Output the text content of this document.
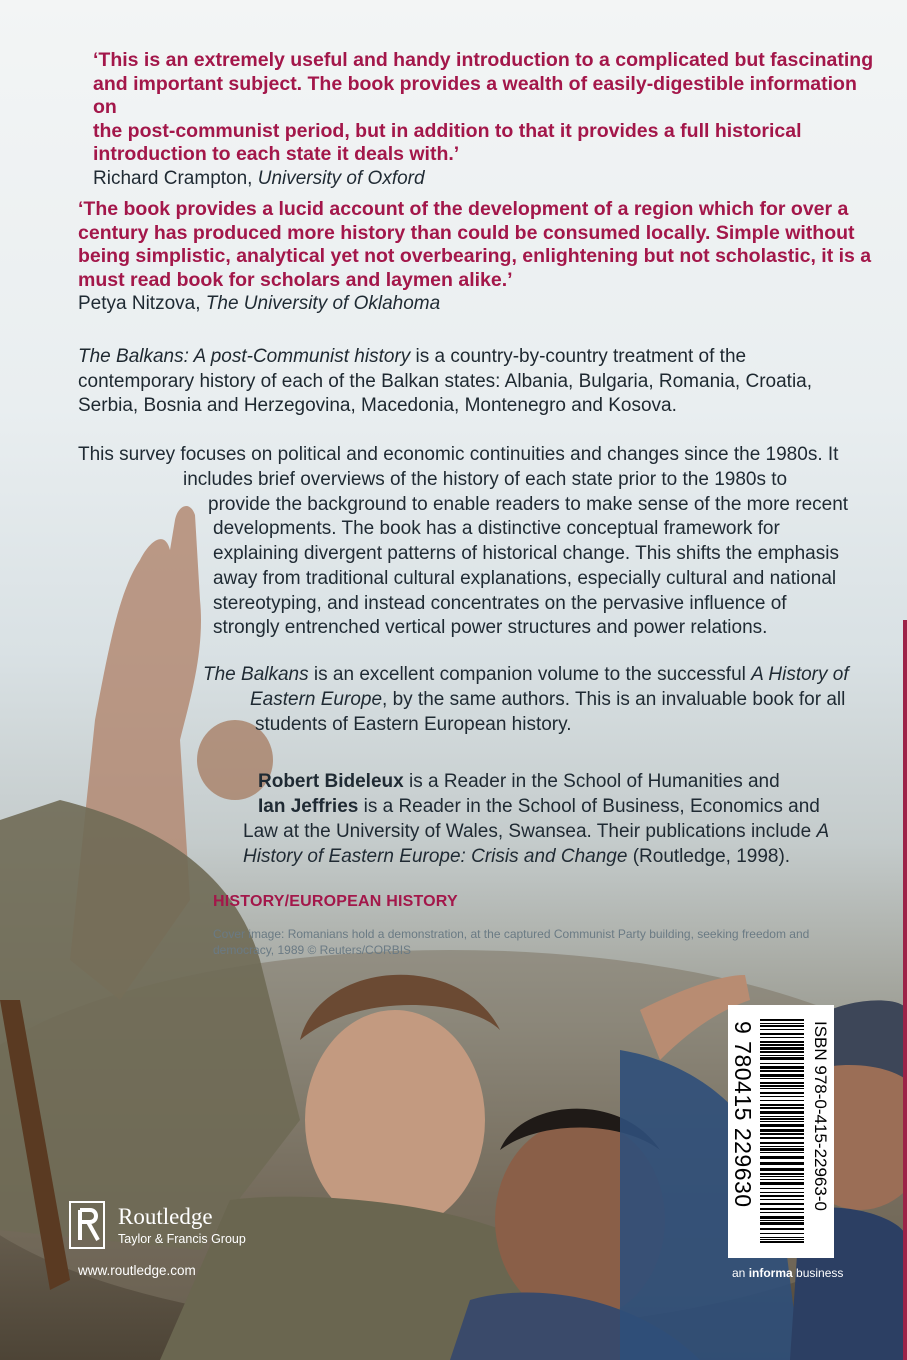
‘This is an extremely useful and handy introduction to a complicated but fascinating
and important subject. The book provides a wealth of easily-digestible information on
the post-communist period, but in addition to that it provides a full historical
introduction to each state it deals with.’
Richard Crampton, University of Oxford
‘The book provides a lucid account of the development of a region which for over a
century has produced more history than could be consumed locally. Simple without
being simplistic, analytical yet not overbearing, enlightening but not scholastic, it is a
must read book for scholars and laymen alike.’
Petya Nitzova, The University of Oklahoma
The Balkans: A post-Communist history is a country-by-country treatment of the
contemporary history of each of the Balkan states: Albania, Bulgaria, Romania, Croatia,
Serbia, Bosnia and Herzegovina, Macedonia, Montenegro and Kosova.
This survey focuses on political and economic continuities and changes since the 1980s. It
includes brief overviews of the history of each state prior to the 1980s to
provide the background to enable readers to make sense of the more recent
developments. The book has a distinctive conceptual framework for
explaining divergent patterns of historical change. This shifts the emphasis
away from traditional cultural explanations, especially cultural and national
stereotyping, and instead concentrates on the pervasive influence of
strongly entrenched vertical power structures and power relations.
The Balkans is an excellent companion volume to the successful A History of
Eastern Europe, by the same authors. This is an invaluable book for all
students of Eastern European history.
Robert Bideleux is a Reader in the School of Humanities and
Ian Jeffries is a Reader in the School of Business, Economics and
Law at the University of Wales, Swansea. Their publications include A
History of Eastern Europe: Crisis and Change (Routledge, 1998).
HISTORY/EUROPEAN HISTORY
Cover image: Romanians hold a demonstration, at the captured Communist Party building, seeking freedom and
democracy, 1989 © Reuters/CORBIS
ISBN 978-0-415-22963-0
9 780415 229630
an informa business
Routledge
Taylor & Francis Group
www.routledge.com
